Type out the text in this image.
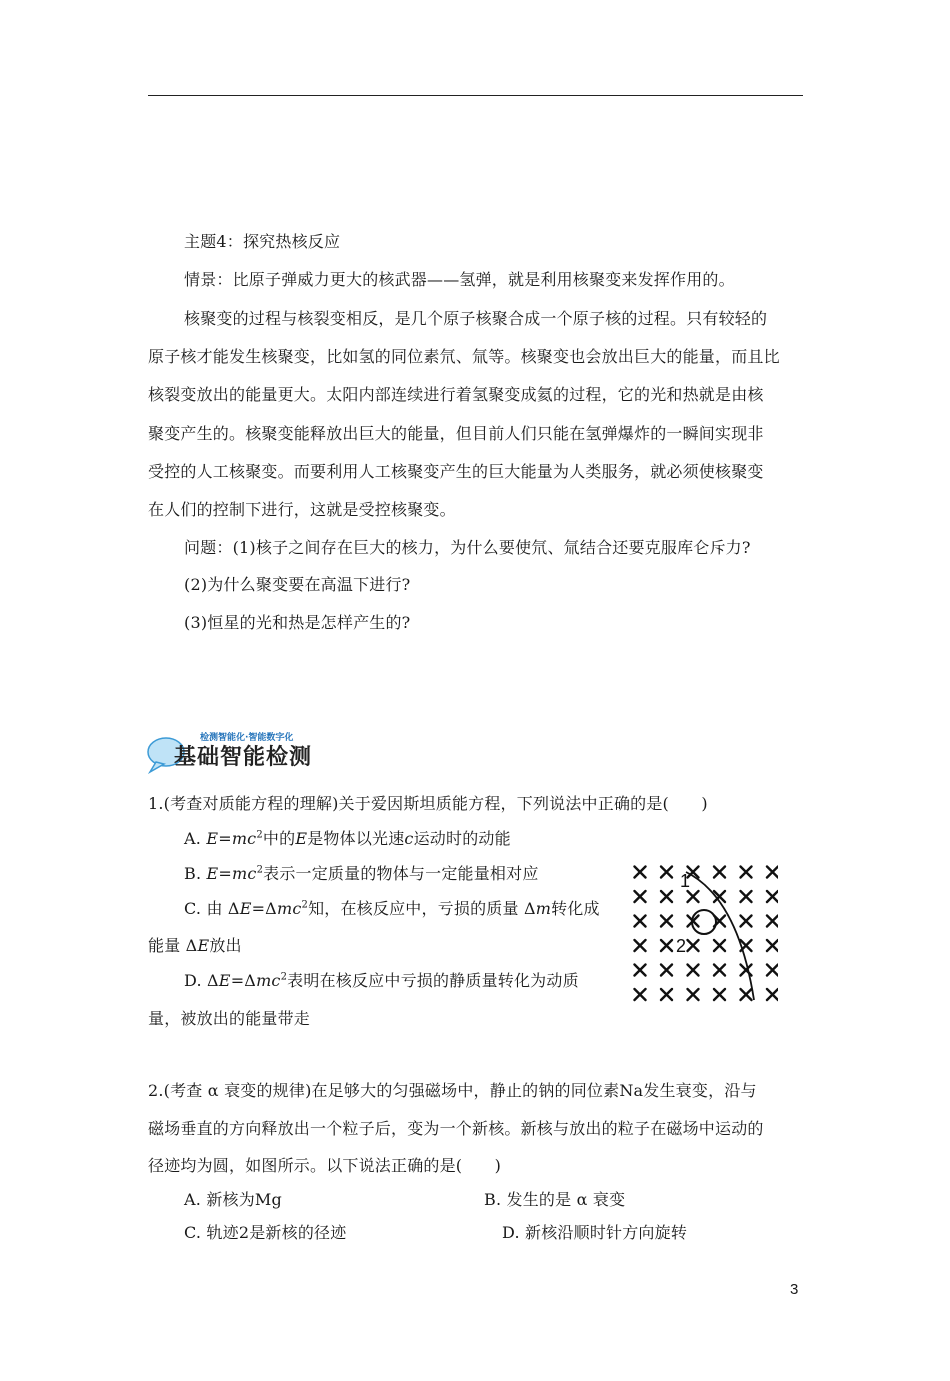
主题4：探究热核反应
情景：比原子弹威力更大的核武器——氢弹，就是利用核聚变来发挥作用的。
核聚变的过程与核裂变相反，是几个原子核聚合成一个原子核的过程。只有较轻的
原子核才能发生核聚变，比如氢的同位素氘、氚等。核聚变也会放出巨大的能量，而且比
核裂变放出的能量更大。太阳内部连续进行着氢聚变成氦的过程，它的光和热就是由核
聚变产生的。核聚变能释放出巨大的能量，但目前人们只能在氢弹爆炸的一瞬间实现非
受控的人工核聚变。而要利用人工核聚变产生的巨大能量为人类服务，就必须使核聚变
在人们的控制下进行，这就是受控核聚变。
问题：(1)核子之间存在巨大的核力，为什么要使氘、氚结合还要克服库仑斥力?
(2)为什么聚变要在高温下进行?
(3)恒星的光和热是怎样产生的?
检测智能化·智能数字化
基础智能检测
1.(考查对质能方程的理解)关于爱因斯坦质能方程，下列说法中正确的是(　　)
A. $E=mc^2$中的E是物体以光速c运动时的动能
B. $E=mc^2$表示一定质量的物体与一定能量相对应
C. 由 ΔE=Δmc$^2$知，在核反应中，亏损的质量 Δm转化成
能量 ΔE放出
D. ΔE=Δmc$^2$表明在核反应中亏损的静质量转化为动质
量，被放出的能量带走
1
2
2.(考查 α 衰变的规律)在足够大的匀强磁场中，静止的钠的同位素Na发生衰变，沿与
磁场垂直的方向释放出一个粒子后，变为一个新核。新核与放出的粒子在磁场中运动的
径迹均为圆，如图所示。以下说法正确的是(　　)
A. 新核为Mg	B. 发生的是 α 衰变
C. 轨迹2是新核的径迹	D. 新核沿顺时针方向旋转
3
